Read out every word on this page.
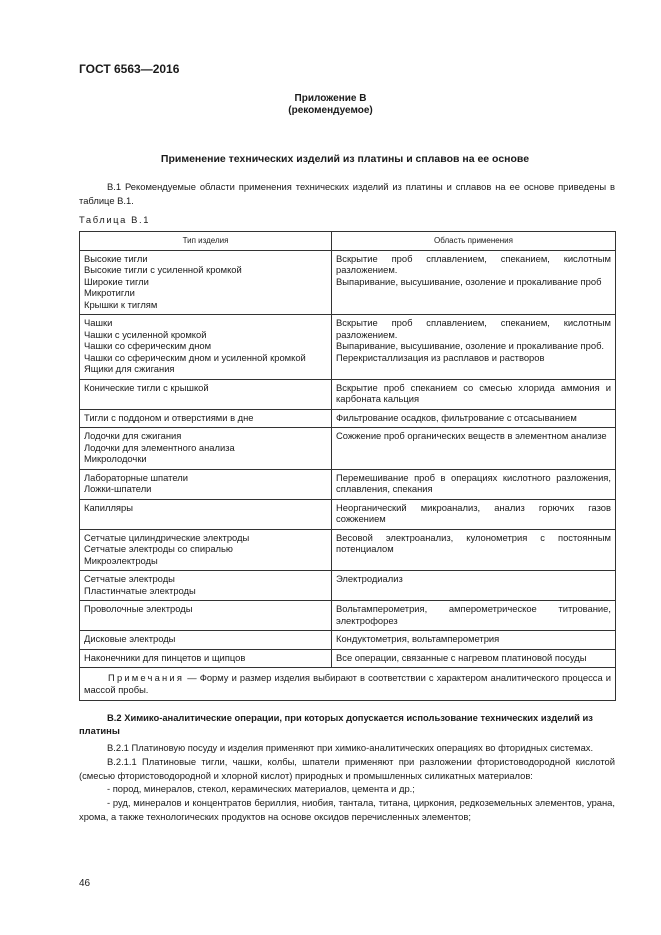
ГОСТ 6563—2016
Приложение В
(рекомендуемое)
Применение технических изделий из платины и сплавов на ее основе
В.1 Рекомендуемые области применения технических изделий из платины и сплавов на ее основе приведены в таблице В.1.
Таблица В.1
Тип изделия	Область применения

Высокие тигли
Высокие тигли с усиленной кромкой
Широкие тигли
Микротигли
Крышки к тиглям	Вскрытие проб сплавлением, спеканием, кислотным разложением.
Выпаривание, высушивание, озоление и прокаливание проб

Чашки
Чашки с усиленной кромкой
Чашки со сферическим дном
Чашки со сферическим дном и усиленной кромкой
Ящики для сжигания	Вскрытие проб сплавлением, спеканием, кислотным разложением.
Выпаривание, высушивание, озоление и прокаливание проб.
Перекристаллизация из расплавов и растворов

Конические тигли с крышкой	Вскрытие проб спеканием со смесью хлорида аммония и карбоната кальция

Тигли с поддоном и отверстиями в дне	Фильтрование осадков, фильтрование с отсасыванием

Лодочки для сжигания
Лодочки для элементного анализа
Микролодочки	Сожжение проб органических веществ в элементном анализе

Лабораторные шпатели
Ложки-шпатели	Перемешивание проб в операциях кислотного разложения, сплавления, спекания

Капилляры	Неорганический микроанализ, анализ горючих газов сожжением

Сетчатые цилиндрические электроды
Сетчатые электроды со спиралью
Микроэлектроды	Весовой электроанализ, кулонометрия с постоянным потенциалом

Сетчатые электроды
Пластинчатые электроды	Электродиализ

Проволочные электроды	Вольтамперометрия, амперометрическое титрование, электрофорез

Дисковые электроды	Кондуктометрия, вольтамперометрия

Наконечники для пинцетов и щипцов	Все операции, связанные с нагревом платиновой посуды

Примечания — Форму и размер изделия выбирают в соответствии с характером аналитического процесса и массой пробы.	
В.2 Химико-аналитические операции, при которых допускается использование технических изделий из платины
В.2.1 Платиновую посуду и изделия применяют при химико-аналитических операциях во фторидных системах.
В.2.1.1 Платиновые тигли, чашки, колбы, шпатели применяют при разложении фтористоводородной кислотой (смесью фтористоводородной и хлорной кислот) природных и промышленных силикатных материалов:
- пород, минералов, стекол, керамических материалов, цемента и др.;
- руд, минералов и концентратов бериллия, ниобия, тантала, титана, циркония, редкоземельных элементов, урана, хрома, а также технологических продуктов на основе оксидов перечисленных элементов;
46
